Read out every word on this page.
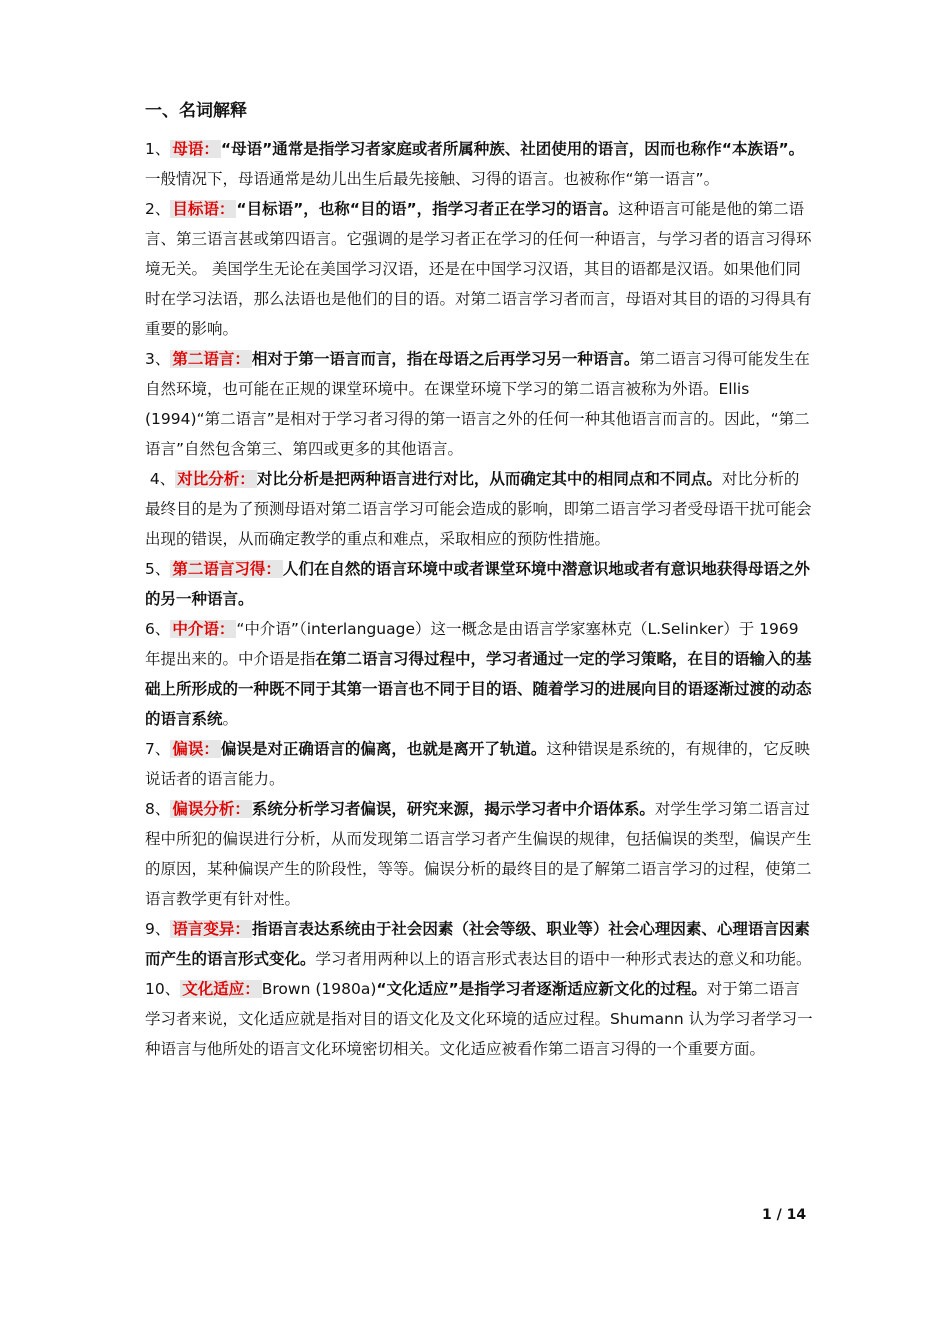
一、名词解释

1、 母语： “母语”通常是指学习者家庭或者所属种族、社团使用的语言，因而也称作“本族语”。一般情况下，母语通常是幼儿出生后最先接触、习得的语言。也被称作“第一语言”。

2、 目标语： “目标语”，也称“目的语”，指学习者正在学习的语言。这种语言可能是他的第二语言、第三语言甚或第四语言。它强调的是学习者正在学习的任何一种语言，与学习者的语言习得环境无关。 美国学生无论在美国学习汉语，还是在中国学习汉语，其目的语都是汉语。如果他们同时在学习法语，那么法语也是他们的目的语。对第二语言学习者而言，母语对其目的语的习得具有重要的影响。

3、 第二语言： 相对于第一语言而言，指在母语之后再学习另一种语言。第二语言习得可能发生在自然环境，也可能在正规的课堂环境中。在课堂环境下学习的第二语言被称为外语。Ellis (1994)“第二语言”是相对于学习者习得的第一语言之外的任何一种其他语言而言的。因此，“第二语言”自然包含第三、第四或更多的其他语言。

4、 对比分析： 对比分析是把两种语言进行对比，从而确定其中的相同点和不同点。对比分析的最终目的是为了预测母语对第二语言学习可能会造成的影响，即第二语言学习者受母语干扰可能会出现的错误，从而确定教学的重点和难点，采取相应的预防性措施。

5、 第二语言习得： 人们在自然的语言环境中或者课堂环境中潜意识地或者有意识地获得母语之外的另一种语言。

6、 中介语： “中介语”（interlanguage）这一概念是由语言学家塞林克（L.Selinker）于 1969 年提出来的。中介语是指在第二语言习得过程中，学习者通过一定的学习策略，在目的语输入的基础上所形成的一种既不同于其第一语言也不同于目的语、随着学习的进展向目的语逐渐过渡的动态的语言系统。

7、 偏误： 偏误是对正确语言的偏离，也就是离开了轨道。这种错误是系统的，有规律的，它反映说话者的语言能力。

8、 偏误分析： 系统分析学习者偏误，研究来源，揭示学习者中介语体系。对学生学习第二语言过程中所犯的偏误进行分析，从而发现第二语言学习者产生偏误的规律，包括偏误的类型，偏误产生的原因，某种偏误产生的阶段性，等等。偏误分析的最终目的是了解第二语言学习的过程，使第二语言教学更有针对性。

9、 语言变异： 指语言表达系统由于社会因素（社会等级、职业等）社会心理因素、心理语言因素而产生的语言形式变化。学习者用两种以上的语言形式表达目的语中一种形式表达的意义和功能。

10、 文化适应： Brown (1980a)“文化适应”是指学习者逐渐适应新文化的过程。对于第二语言学习者来说，文化适应就是指对目的语文化及文化环境的适应过程。Shumann 认为学习者学习一种语言与他所处的语言文化环境密切相关。文化适应被看作第二语言习得的一个重要方面。

1 / 14
